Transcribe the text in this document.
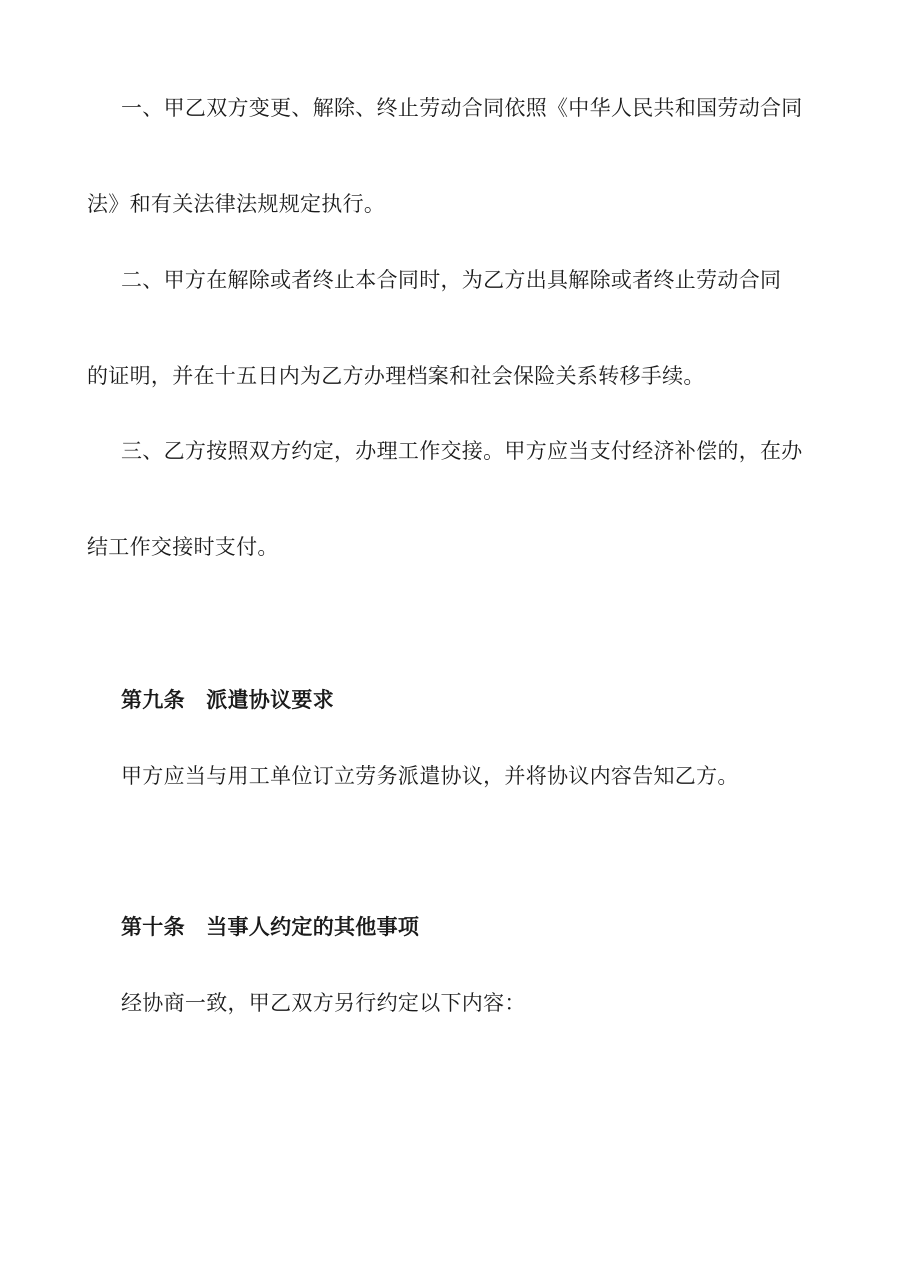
一、甲乙双方变更、解除、终止劳动合同依照《中华人民共和国劳动合同
法》和有关法律法规规定执行。
二、甲方在解除或者终止本合同时，为乙方出具解除或者终止劳动合同
的证明，并在十五日内为乙方办理档案和社会保险关系转移手续。
三、乙方按照双方约定，办理工作交接。甲方应当支付经济补偿的，在办
结工作交接时支付。
第九条　派遣协议要求
甲方应当与用工单位订立劳务派遣协议，并将协议内容告知乙方。
第十条　当事人约定的其他事项
经协商一致，甲乙双方另行约定以下内容：
